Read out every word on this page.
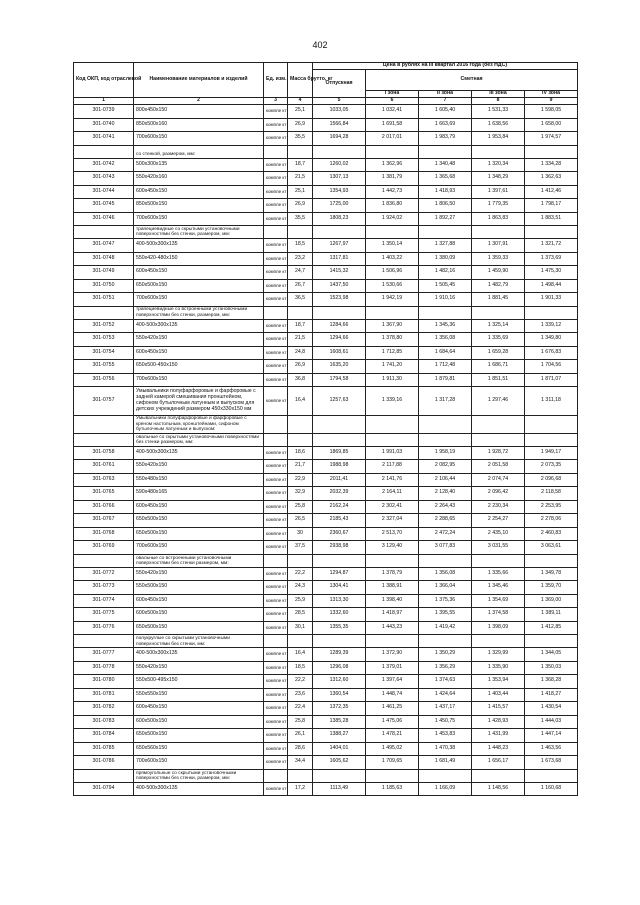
402
Код ОКП, код отраслевой	Наименование материалов и изделий	Ед. изм.	Масса брутто, кг	Цена в рублях на III квартал 2016 года (без НДС)				
				Отпускная	Сметная			
					I зона	II зона	III зона	IV зона
1	2	3	4	5	6	7	8	9
301-0739	800х450х150	компле кт	25,1	1033,05	1 032,41	1 605,40	1 531,33	1 598,05
301-0740	850х500х160	компле кт	26,9	1566,84	1 691,58	1 663,69	1 638,56	1 658,00
301-0741	700х600х150	компле кт	35,5	1694,28	2 017,01	1 983,79	1 953,84	1 974,57
	со стенкой, размером, мм:							
301-0742	500х300х135	компле кт	18,7	1260,02	1 362,96	1 340,48	1 320,34	1 334,28
301-0743	550х420х160	компле кт	21,5	1307,13	1 381,79	1 365,68	1 348,29	1 362,63
301-0744	600х450х150	компле кт	25,1	1354,93	1 442,73	1 418,93	1 397,61	1 412,46
301-0745	850х500х150	компле кт	26,9	1725,00	1 836,80	1 806,50	1 779,35	1 798,17
301-0746	700х600х150	компле кт	35,5	1808,23	1 924,02	1 892,27	1 863,83	1 883,51
	трапециевидные со скрытыми установочными поверхностями без стенки, размером, мм:							
301-0747	400-500х300х135	компле кт	18,5	1267,97	1 350,14	1 327,88	1 307,91	1 321,72
301-0748	550х420-480х150	компле кт	23,2	1317,81	1 403,22	1 380,09	1 359,33	1 373,69
301-0749	600х450х150	компле кт	24,7	1415,32	1 506,96	1 482,16	1 459,90	1 475,30
301-0750	650х500х150	компле кт	26,7	1437,50	1 530,66	1 505,45	1 482,79	1 498,44
301-0751	700х600х150	компле кт	36,5	1523,98	1 942,19	1 910,16	1 881,45	1 901,33
	трапециевидные со встроенными установочными поверхностями без стенки, размером, мм:							
301-0752	400-500х300х135	компле кт	18,7	1284,66	1 367,90	1 345,36	1 325,14	1 339,12
301-0753	550х420х150	компле кт	21,5	1294,66	1 378,80	1 356,08	1 335,69	1 349,80
301-0754	600х450х150	компле кт	24,8	1608,61	1 712,85	1 684,64	1 659,28	1 676,83
301-0755	650х500-450х150	компле кт	26,9	1635,20	1 741,20	1 712,48	1 686,71	1 704,56
301-0756	700х600х150	компле кт	36,8	1794,58	1 911,30	1 879,81	1 851,51	1 871,07
301-0757	Умывальники полуфарфоровые и фарфоровые с задней камерой смешивания пронштейном, сифоном бутылочным латунным и выпуском для детских учреждений размером 450х330х150 мм	компле кт	16,4	1257,63	1 339,16	1 317,28	1 297,46	1 311,18
	Умывальники полуфарфоровые и фарфоровые с креном настольным, кронштейнами, сифоном бутылочным латунным и выпуском:							
	овальные со скрытыми установочными поверхностями без стенки размером, мм:							
301-0758	400-500х300х135	компле кт	18,6	1869,85	1 991,03	1 958,19	1 928,72	1 949,17
301-0761	550х420х150	компле кт	21,7	1988,98	2 117,88	2 082,95	2 051,58	2 073,35
301-0763	550х480х150	компле кт	22,9	2011,41	2 141,76	2 106,44	2 074,74	2 096,68
301-0765	590х480х165	компле кт	32,9	2032,39	2 164,11	2 128,40	2 096,42	2 118,58
301-0766	600х450х150	компле кт	25,8	2162,24	2 302,41	2 264,43	2 230,34	2 253,95
301-0767	650х500х150	компле кт	26,5	2185,43	2 327,04	2 288,65	2 254,27	2 278,06
301-0768	650х500х150	компле кт	30	2360,67	2 513,70	2 472,24	2 435,10	2 460,83
301-0769	700х600х150	компле кт	37,5	2938,98	3 129,40	3 077,83	3 031,55	3 063,61
	овальные со встроенными установочными поверхностями без стенки размером, мм:							
301-0772	550х420х150	компле кт	22,2	1294,87	1 378,79	1 356,08	1 335,66	1 349,78
301-0773	550х500х150	компле кт	24,3	1304,41	1 388,91	1 366,04	1 345,46	1 359,70
301-0774	600х450х150	компле кт	25,9	1313,30	1 398,40	1 375,36	1 354,69	1 369,00
301-0775	600х500х150	компле кт	28,5	1332,60	1 418,97	1 395,55	1 374,58	1 389,11
301-0776	650х500х150	компле кт	30,1	1355,35	1 443,23	1 419,42	1 398,09	1 412,85
	полукруглые со скрытыми установочными поверхностями без стенки, мм:							
301-0777	400-500х300х135	компле кт	16,4	1289,39	1 372,90	1 350,29	1 329,99	1 344,05
301-0778	550х420х150	компле кт	18,5	1296,08	1 379,01	1 356,29	1 335,90	1 350,03
301-0780	550х500-495х150	компле кт	22,2	1312,60	1 397,64	1 374,63	1 353,94	1 368,28
301-0781	550х550х150	компле кт	23,6	1360,54	1 448,74	1 424,64	1 403,44	1 418,27
301-0782	600х450х150	компле кт	22,4	1372,35	1 461,25	1 437,17	1 415,57	1 430,54
301-0783	600х500х150	компле кт	25,8	1385,28	1 475,06	1 450,75	1 428,93	1 444,03
301-0784	650х500х150	компле кт	26,1	1388,27	1 478,21	1 453,83	1 431,99	1 447,14
301-0785	650х560х150	компле кт	28,6	1404,01	1 495,02	1 470,38	1 448,23	1 463,56
301-0786	700х600х150	компле кт	34,4	1605,62	1 709,65	1 681,49	1 656,17	1 673,68
	прямоугольные со скрытыми установочными поверхностями без стенки, размером, мм:							
301-0794	400-500х300х135	компле кт	17,2	1113,49	1 185,63	1 166,09	1 148,56	1 160,68
